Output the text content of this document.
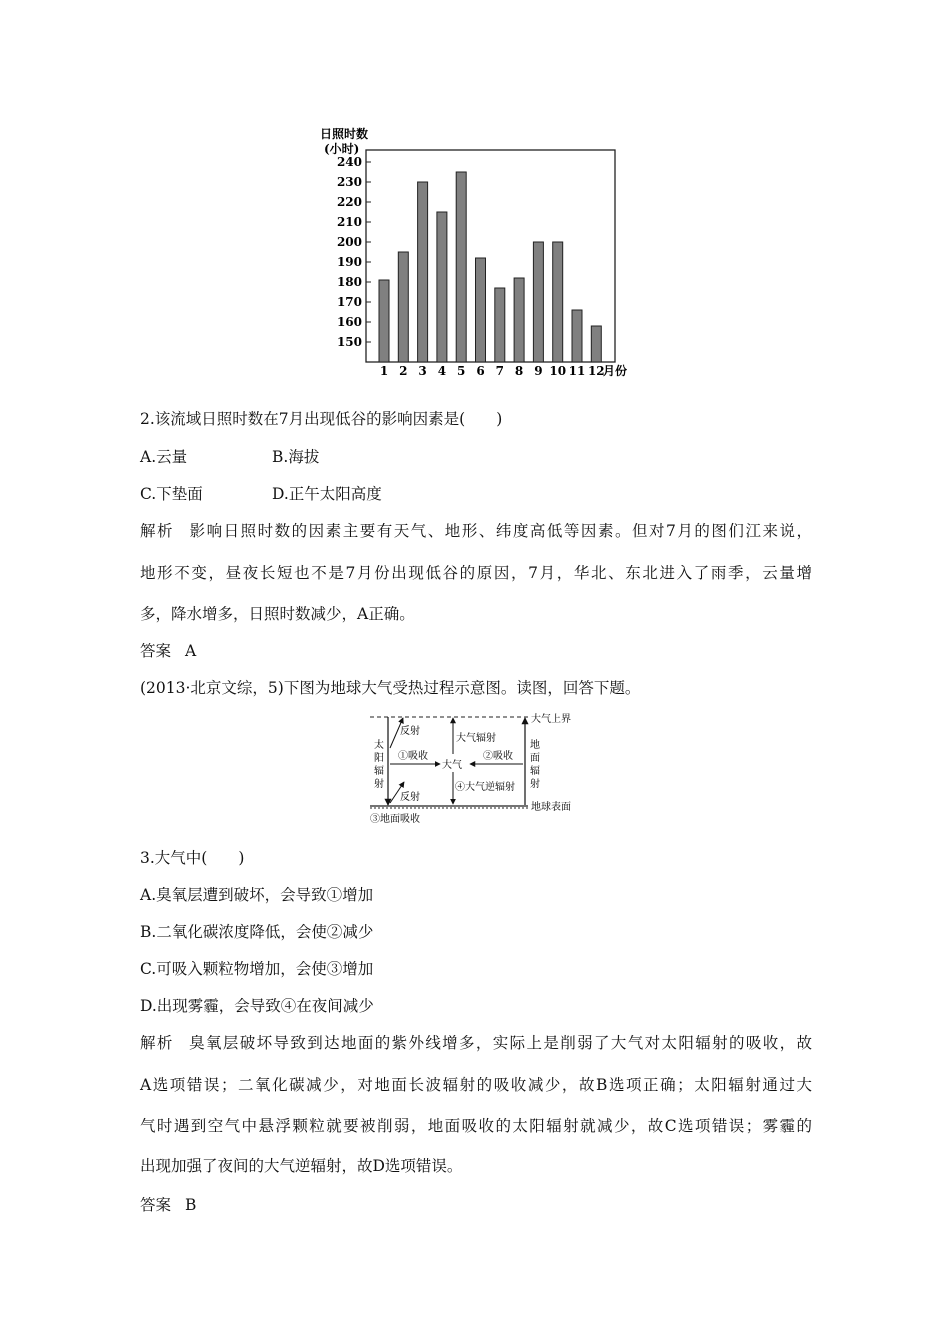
日照时数
(小时)
150
160
170
180
190
200
210
220
230
240
1 2 3 4 5 6 7 8 9 10 11 12
月份
2.该流域日照时数在7月出现低谷的影响因素是(　　)
A.云量	B.海拔
C.下垫面	D.正午太阳高度
解析 影响日照时数的因素主要有天气、地形、纬度高低等因素。但对7月的图们江来说，
地形不变，昼夜长短也不是7月份出现低谷的原因，7月，华北、东北进入了雨季，云量增
多，降水增多，日照时数减少，A正确。
答案 A
(2013·北京文综，5)下图为地球大气受热过程示意图。读图，回答下题。
大气上界
地球表面
太
阳
辐
射
地
面
辐
射
反射
①吸收
大气
大气辐射
②吸收
④大气逆辐射
反射
③地面吸收
3.大气中(　　)
A.臭氧层遭到破坏，会导致①增加
B.二氧化碳浓度降低，会使②减少
C.可吸入颗粒物增加，会使③增加
D.出现雾霾，会导致④在夜间减少
解析 臭氧层破坏导致到达地面的紫外线增多，实际上是削弱了大气对太阳辐射的吸收，故
A选项错误；二氧化碳减少，对地面长波辐射的吸收减少，故B选项正确；太阳辐射通过大
气时遇到空气中悬浮颗粒就要被削弱，地面吸收的太阳辐射就减少，故C选项错误；雾霾的
出现加强了夜间的大气逆辐射，故D选项错误。
答案 B
